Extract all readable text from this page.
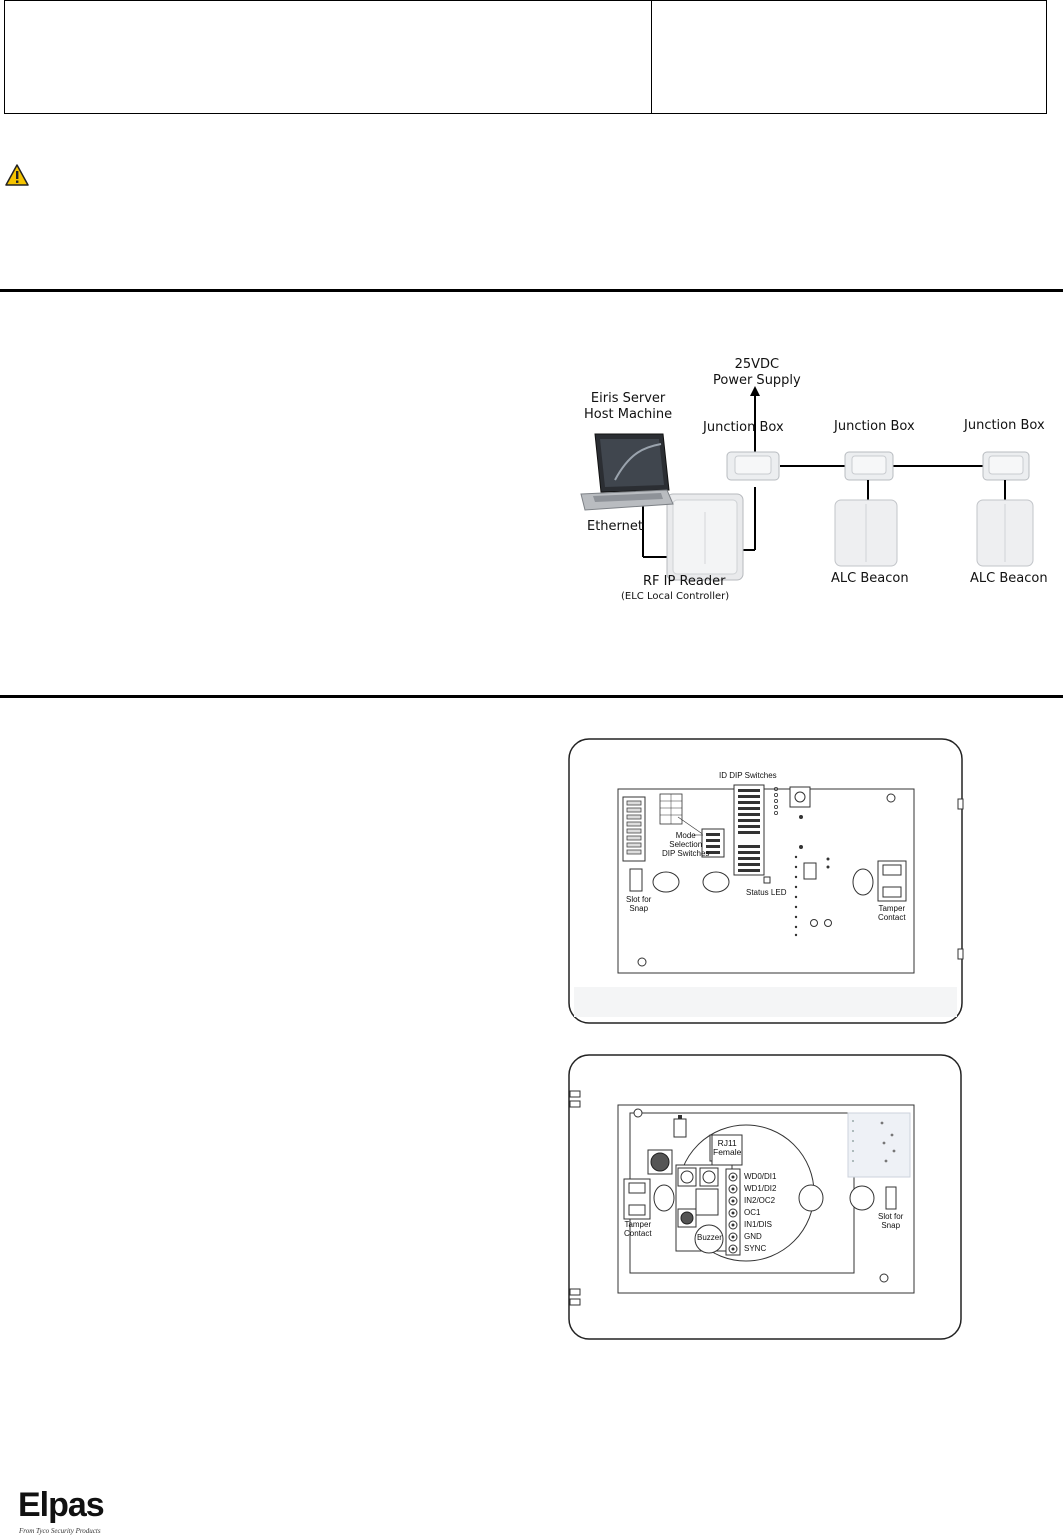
25VDC
Power Supply
Eiris Server
Host Machine
Junction Box	Junction Box	Junction Box
Ethernet
RF IP Reader
(ELC Local Controller)
ALC Beacon	ALC Beacon
ID DIP Switches
Mode
Selection
DIP Switches
Status LED
Slot for
Snap	Tamper
Contact
RJ11
Female
WD0/DI1
WD1/DI2
IN2/OC2
OC1
IN1/DIS
GND
SYNC
Buzzer
Tamper
Contact
Slot for
Snap
Elpas
From Tyco Security Products
